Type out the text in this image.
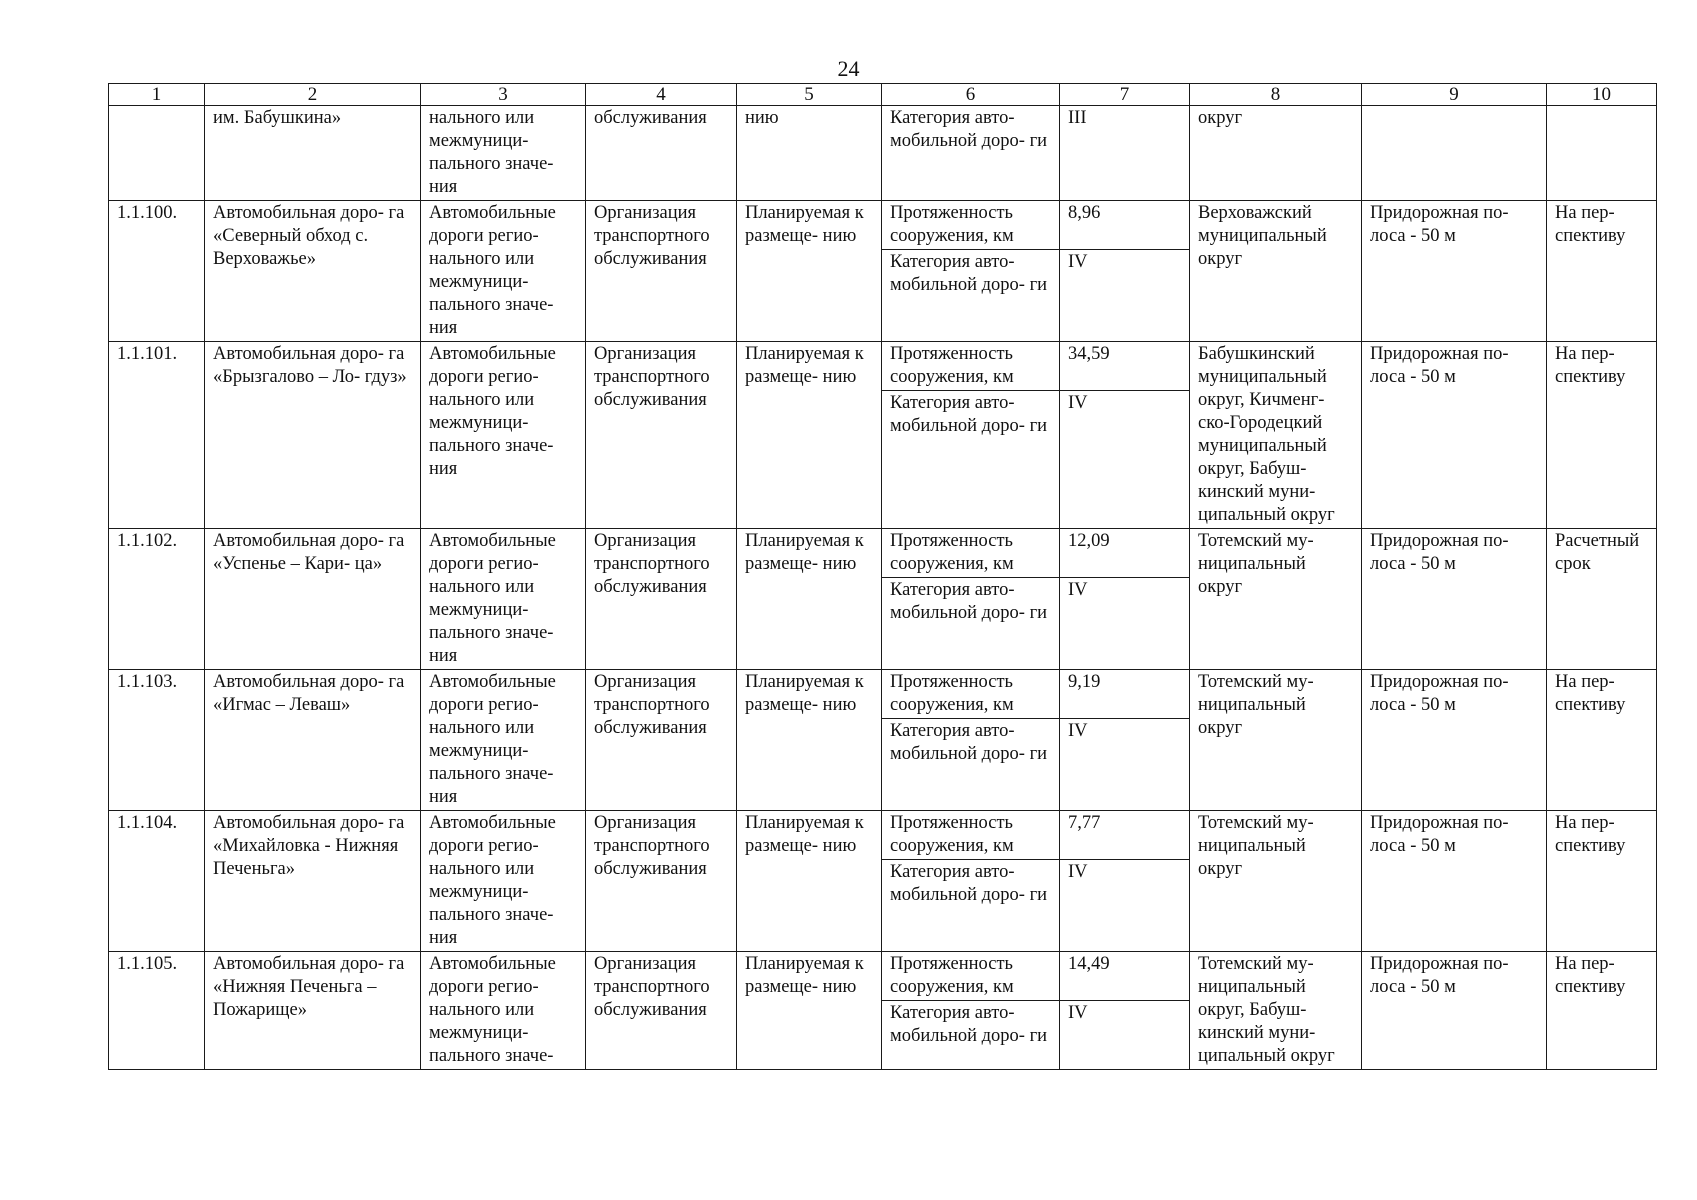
24
1	2	3	4	5	6	7	8	9	10
	им. Бабушкина»	нального или межмуници- пального значе- ния	обслуживания	нию	Категория авто- мобильной доро- ги	III	округ		
1.1.100.	Автомобильная доро- га «Северный обход с. Верховажье»	Автомобильные дороги регио- нального или межмуници- пального значе- ния	Организация транспортного обслуживания	Планируемая к размеще- нию	Протяженность сооружения, км	8,96	Верховажский муниципальный округ	Придорожная по- лоса - 50 м	На пер- спективу
					Категория авто- мобильной доро- ги	IV			
1.1.101.	Автомобильная доро- га «Брызгалово – Ло- гдуз»	Автомобильные дороги регио- нального или межмуници- пального значе- ния	Организация транспортного обслуживания	Планируемая к размеще- нию	Протяженность сооружения, км	34,59	Бабушкинский муниципальный округ, Кичменг- ско-Городецкий муниципальный округ, Бабуш- кинский муни- ципальный округ	Придорожная по- лоса - 50 м	На пер- спективу
					Категория авто- мобильной доро- ги	IV			
1.1.102.	Автомобильная доро- га «Успенье – Кари- ца»	Автомобильные дороги регио- нального или межмуници- пального значе- ния	Организация транспортного обслуживания	Планируемая к размеще- нию	Протяженность сооружения, км	12,09	Тотемский му- ниципальный округ	Придорожная по- лоса - 50 м	Расчетный срок
					Категория авто- мобильной доро- ги	IV			
1.1.103.	Автомобильная доро- га «Игмас – Леваш»	Автомобильные дороги регио- нального или межмуници- пального значе- ния	Организация транспортного обслуживания	Планируемая к размеще- нию	Протяженность сооружения, км	9,19	Тотемский му- ниципальный округ	Придорожная по- лоса - 50 м	На пер- спективу
					Категория авто- мобильной доро- ги	IV			
1.1.104.	Автомобильная доро- га «Михайловка - Нижняя Печеньга»	Автомобильные дороги регио- нального или межмуници- пального значе- ния	Организация транспортного обслуживания	Планируемая к размеще- нию	Протяженность сооружения, км	7,77	Тотемский му- ниципальный округ	Придорожная по- лоса - 50 м	На пер- спективу
					Категория авто- мобильной доро- ги	IV			
1.1.105.	Автомобильная доро- га «Нижняя Печеньга – Пожарище»	Автомобильные дороги регио- нального или межмуници- пального значе-	Организация транспортного обслуживания	Планируемая к размеще- нию	Протяженность сооружения, км	14,49	Тотемский му- ниципальный округ, Бабуш- кинский муни- ципальный округ	Придорожная по- лоса - 50 м	На пер- спективу
					Категория авто- мобильной доро- ги	IV			
